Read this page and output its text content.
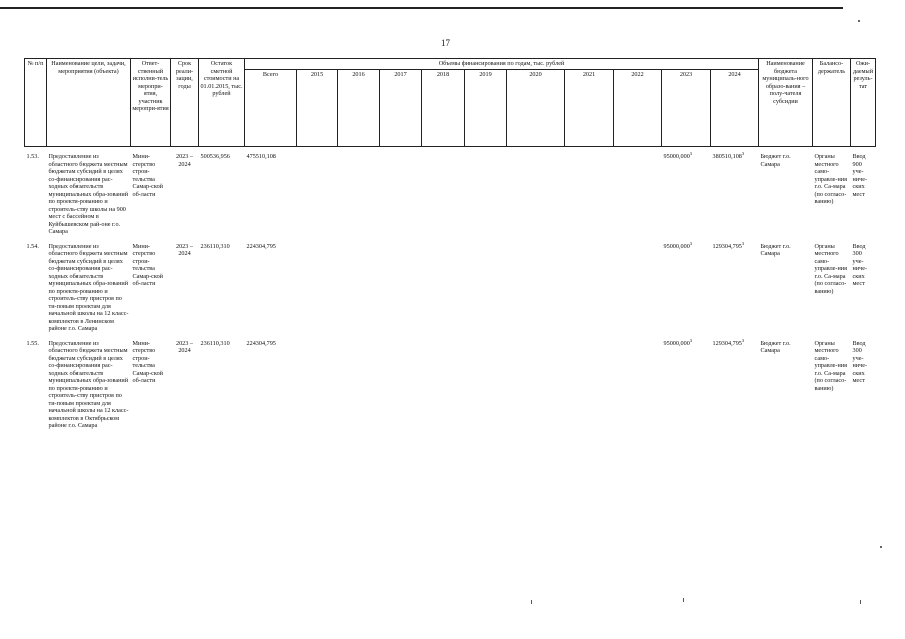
17
№ п/п	Наименование цели, задачи, мероприятия (объекта)	Ответ-ственный исполни-тель меропри-ятия, участник меропри-ятия	Срок реали-зации, годы	Остаток сметной стоимости на 01.01.2015, тыс. рублей	Объемы финансирования по годам, тыс. рублей											Наименование бюджета муниципаль-ного образо-вания – полу-чателя субсидии	Балансо-держатель	Ожи-даемый резуль-тат
					Всего	2015	2016	2017	2018	2019	2020	2021	2022	2023	2024			
1.53.	Предоставление из областного бюджета местным бюджетам субсидий в целях со-финансирования рас-ходных обязательств муниципальных обра-зований по проекти-рованию и строитель-ству школы на 900 мест с бассейном в Куйбышевском рай-оне г.о. Самара	Мини-стерство строи-тельства Самар-ской об-ласти	2023 – 2024	500536,956	475510,108									95000,000$^3$	380510,108$^3$	Бюджет г.о. Самара	Органы местного само-управле-ния г.о. Са-мара (по согласо-ванию)	Ввод 900 уче-ниче-ских мест
1.54.	Предоставление из областного бюджета местным бюджетам субсидий в целях со-финансирования рас-ходных обязательств муниципальных обра-зований по проекти-рованию и строитель-ству пристроя по ти-повым проектам для начальной школы на 12 класс-комплектов в Ленинском районе г.о. Самара	Мини-стерство строи-тельства Самар-ской об-ласти	2023 – 2024	236110,310	224304,795									95000,000$^3$	129304,795$^3$	Бюджет г.о. Самара	Органы местного само-управле-ния г.о. Са-мара (по согласо-ванию)	Ввод 300 уче-ниче-ских мест
1.55.	Предоставление из областного бюджета местным бюджетам субсидий в целях со-финансирования рас-ходных обязательств муниципальных обра-зований по проекти-рованию и строитель-ству пристроя по ти-повым проектам для начальной школы на 12 класс-комплектов в Октябрьском районе г.о. Самара	Мини-стерство строи-тельства Самар-ской об-ласти	2023 – 2024	236110,310	224304,795									95000,000$^3$	129304,795$^3$	Бюджет г.о. Самара	Органы местного само-управле-ния г.о. Са-мара (по согласо-ванию)	Ввод 300 уче-ниче-ских мест
